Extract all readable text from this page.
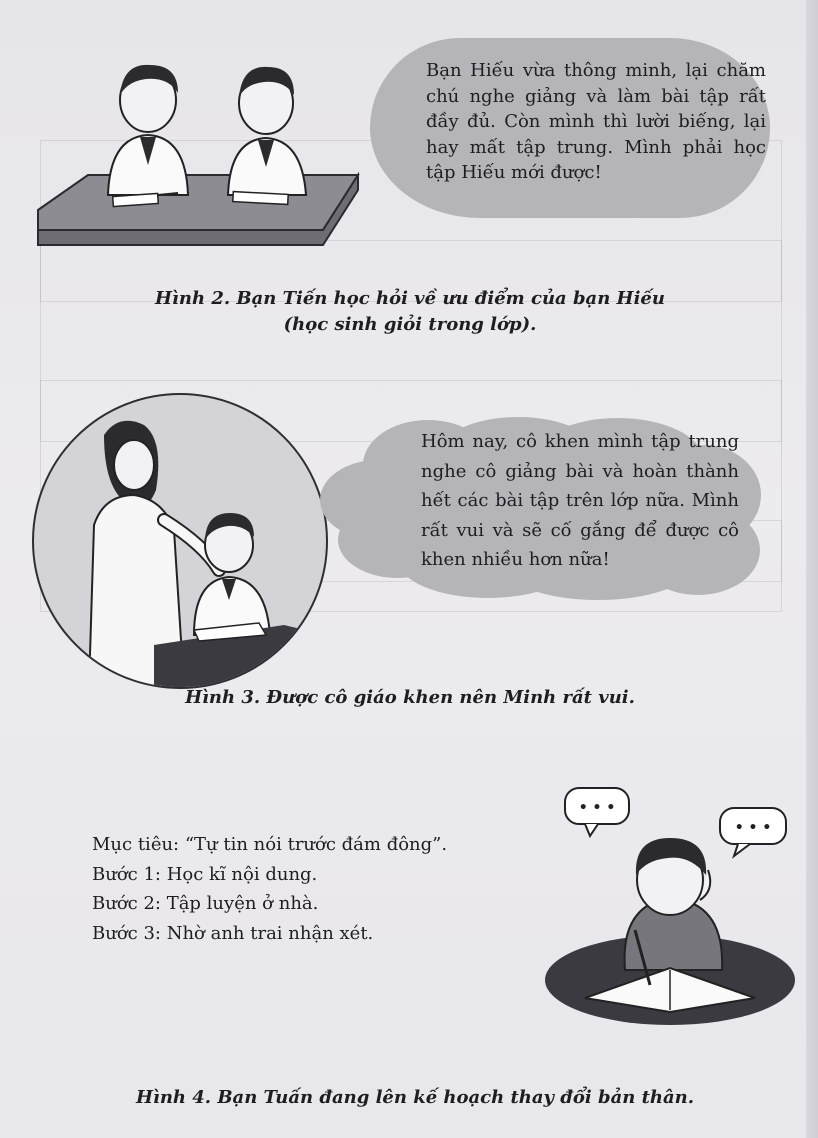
Bạn Hiếu vừa thông minh, lại chăm chú nghe giảng và làm bài tập rất đầy đủ. Còn mình thì lười biếng, lại hay mất tập trung. Mình phải học tập Hiếu mới được!
Hình 2. Bạn Tiến học hỏi về ưu điểm của bạn Hiếu
(học sinh giỏi trong lớp).
Hôm nay, cô khen mình tập trung nghe cô giảng bài và hoàn thành hết các bài tập trên lớp nữa. Mình rất vui và sẽ cố gắng để được cô khen nhiều hơn nữa!
Hình 3. Được cô giáo khen nên Minh rất vui.
Mục tiêu: “Tự tin nói trước đám đông”.
Bước 1: Học kĩ nội dung.
Bước 2: Tập luyện ở nhà.
Bước 3: Nhờ anh trai nhận xét.
• • •
• • •
Hình 4. Bạn Tuấn đang lên kế hoạch thay đổi bản thân.
